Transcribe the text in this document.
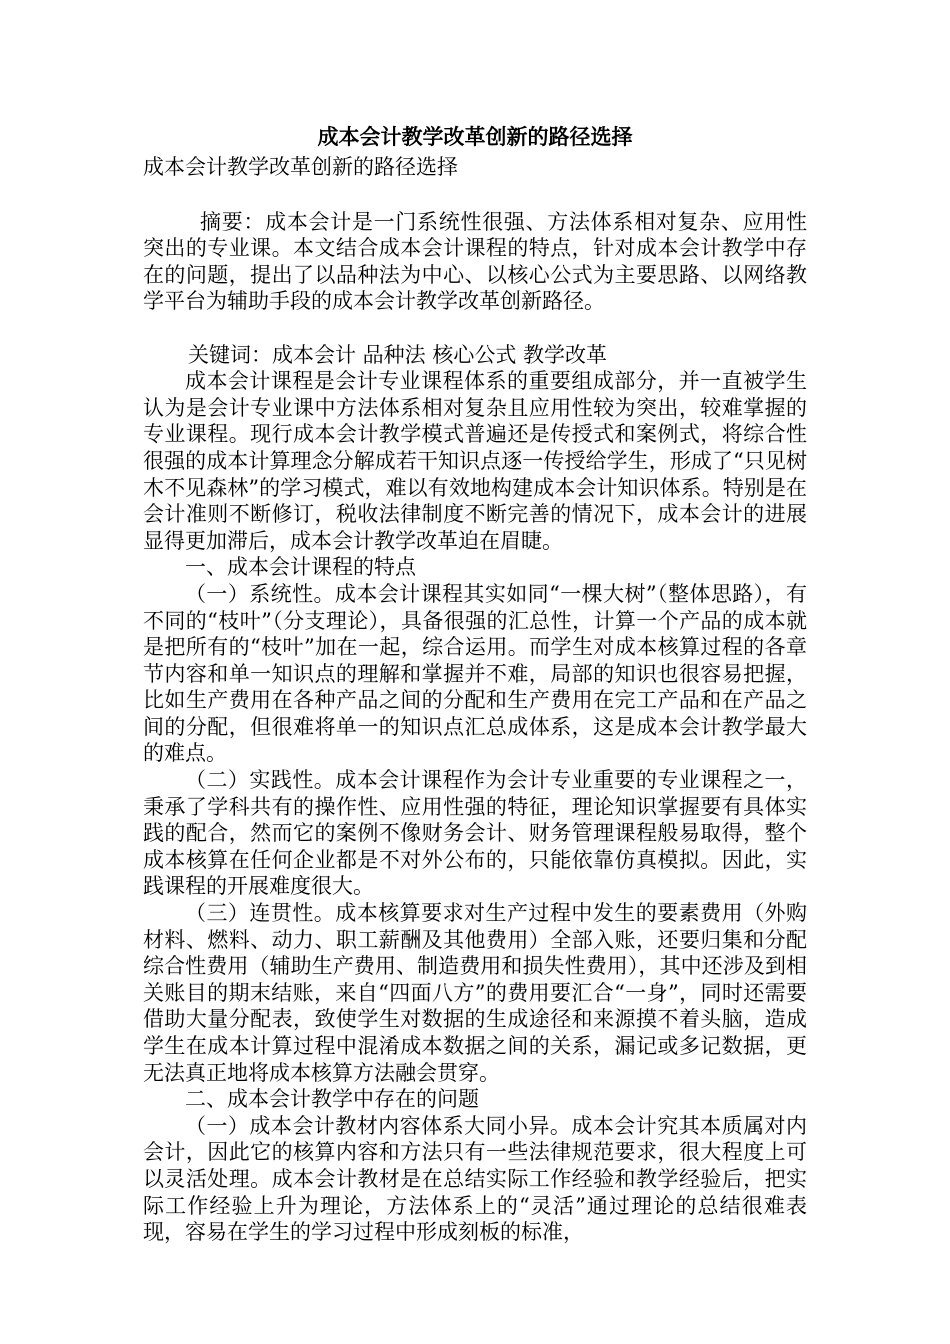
成本会计教学改革创新的路径选择

成本会计教学改革创新的路径选择

摘要：成本会计是一门系统性很强、方法体系相对复杂、应用性突出的专业课。本文结合成本会计课程的特点，针对成本会计教学中存在的问题，提出了以品种法为中心、以核心公式为主要思路、以网络教学平台为辅助手段的成本会计教学改革创新路径。

关键词：成本会计 品种法 核心公式 教学改革

成本会计课程是会计专业课程体系的重要组成部分，并一直被学生认为是会计专业课中方法体系相对复杂且应用性较为突出，较难掌握的专业课程。现行成本会计教学模式普遍还是传授式和案例式，将综合性很强的成本计算理念分解成若干知识点逐一传授给学生，形成了“只见树木不见森林”的学习模式，难以有效地构建成本会计知识体系。特别是在会计准则不断修订，税收法律制度不断完善的情况下，成本会计的进展显得更加滞后，成本会计教学改革迫在眉睫。

一、成本会计课程的特点

（一）系统性。成本会计课程其实如同“一棵大树”（整体思路），有不同的“枝叶”（分支理论），具备很强的汇总性，计算一个产品的成本就是把所有的“枝叶”加在一起，综合运用。而学生对成本核算过程的各章节内容和单一知识点的理解和掌握并不难，局部的知识也很容易把握，比如生产费用在各种产品之间的分配和生产费用在完工产品和在产品之间的分配，但很难将单一的知识点汇总成体系，这是成本会计教学最大的难点。

（二）实践性。成本会计课程作为会计专业重要的专业课程之一，秉承了学科共有的操作性、应用性强的特征，理论知识掌握要有具体实践的配合，然而它的案例不像财务会计、财务管理课程般易取得，整个成本核算在任何企业都是不对外公布的，只能依靠仿真模拟。因此，实践课程的开展难度很大。

（三）连贯性。成本核算要求对生产过程中发生的要素费用（外购材料、燃料、动力、职工薪酬及其他费用）全部入账，还要归集和分配综合性费用（辅助生产费用、制造费用和损失性费用），其中还涉及到相关账目的期末结账，来自“四面八方”的费用要汇合“一身”，同时还需要借助大量分配表，致使学生对数据的生成途径和来源摸不着头脑，造成学生在成本计算过程中混淆成本数据之间的关系，漏记或多记数据，更无法真正地将成本核算方法融会贯穿。

二、成本会计教学中存在的问题

（一）成本会计教材内容体系大同小异。成本会计究其本质属对内会计，因此它的核算内容和方法只有一些法律规范要求，很大程度上可以灵活处理。成本会计教材是在总结实际工作经验和教学经验后，把实际工作经验上升为理论，方法体系上的“灵活”通过理论的总结很难表现，容易在学生的学习过程中形成刻板的标准，
